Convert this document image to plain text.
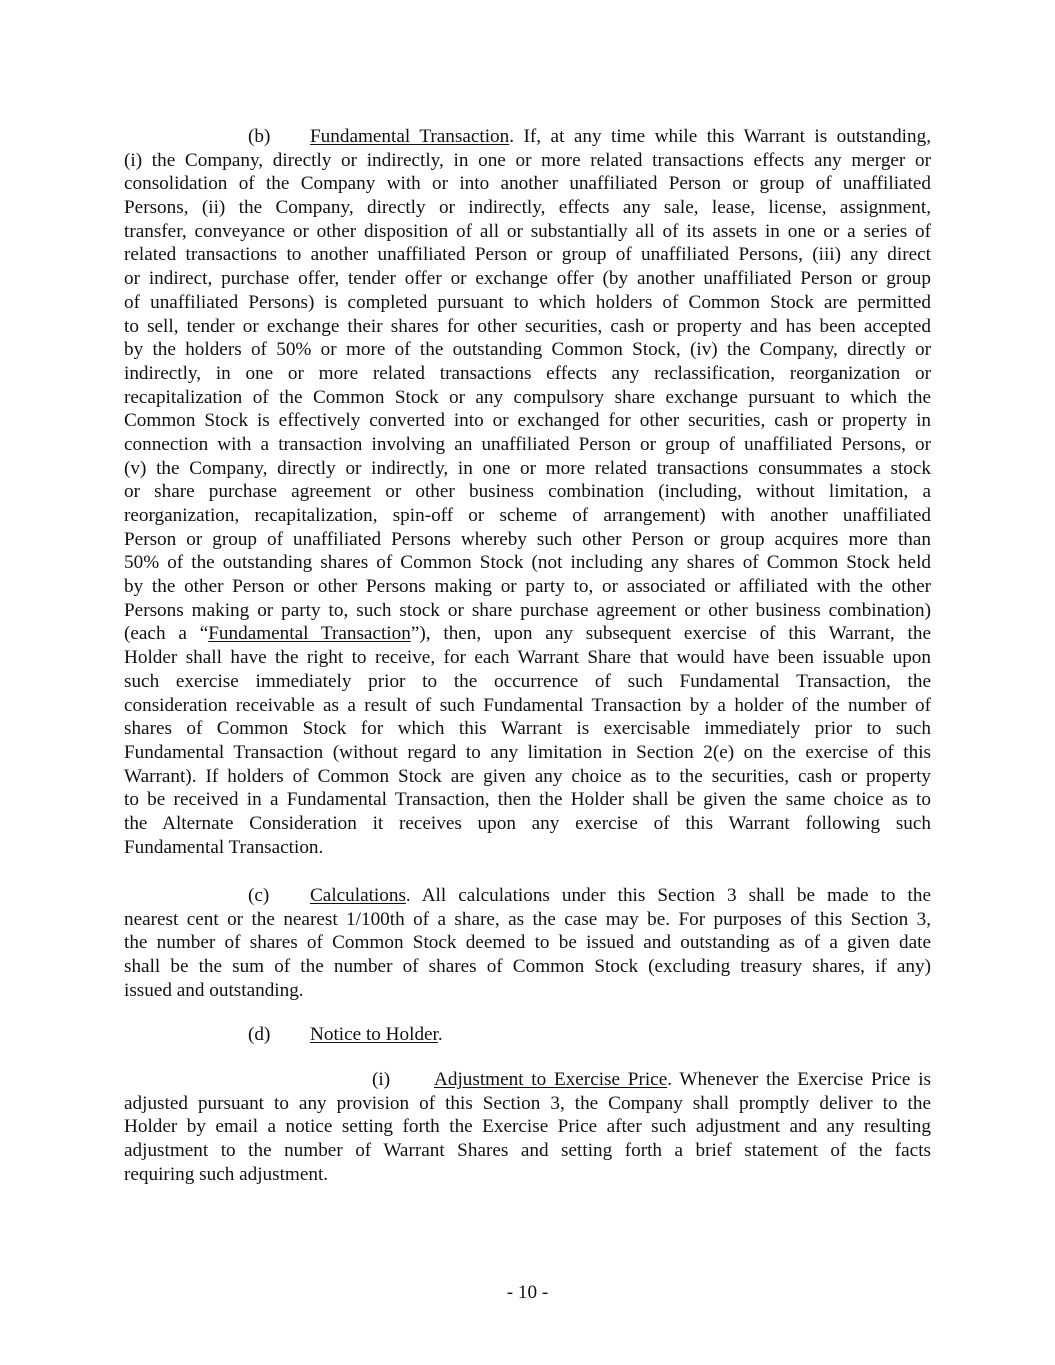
(b) Fundamental Transaction. If, at any time while this Warrant is outstanding,
(i) the Company, directly or indirectly, in one or more related transactions effects any merger or
consolidation of the Company with or into another unaffiliated Person or group of unaffiliated
Persons, (ii) the Company, directly or indirectly, effects any sale, lease, license, assignment,
transfer, conveyance or other disposition of all or substantially all of its assets in one or a series of
related transactions to another unaffiliated Person or group of unaffiliated Persons, (iii) any direct
or indirect, purchase offer, tender offer or exchange offer (by another unaffiliated Person or group
of unaffiliated Persons) is completed pursuant to which holders of Common Stock are permitted
to sell, tender or exchange their shares for other securities, cash or property and has been accepted
by the holders of 50% or more of the outstanding Common Stock, (iv) the Company, directly or
indirectly, in one or more related transactions effects any reclassification, reorganization or
recapitalization of the Common Stock or any compulsory share exchange pursuant to which the
Common Stock is effectively converted into or exchanged for other securities, cash or property in
connection with a transaction involving an unaffiliated Person or group of unaffiliated Persons, or
(v) the Company, directly or indirectly, in one or more related transactions consummates a stock
or share purchase agreement or other business combination (including, without limitation, a
reorganization, recapitalization, spin-off or scheme of arrangement) with another unaffiliated
Person or group of unaffiliated Persons whereby such other Person or group acquires more than
50% of the outstanding shares of Common Stock (not including any shares of Common Stock held
by the other Person or other Persons making or party to, or associated or affiliated with the other
Persons making or party to, such stock or share purchase agreement or other business combination)
(each a “Fundamental Transaction”), then, upon any subsequent exercise of this Warrant, the
Holder shall have the right to receive, for each Warrant Share that would have been issuable upon
such exercise immediately prior to the occurrence of such Fundamental Transaction, the
consideration receivable as a result of such Fundamental Transaction by a holder of the number of
shares of Common Stock for which this Warrant is exercisable immediately prior to such
Fundamental Transaction (without regard to any limitation in Section 2(e) on the exercise of this
Warrant). If holders of Common Stock are given any choice as to the securities, cash or property
to be received in a Fundamental Transaction, then the Holder shall be given the same choice as to
the Alternate Consideration it receives upon any exercise of this Warrant following such
Fundamental Transaction.
(c) Calculations. All calculations under this Section 3 shall be made to the
nearest cent or the nearest 1/100th of a share, as the case may be. For purposes of this Section 3,
the number of shares of Common Stock deemed to be issued and outstanding as of a given date
shall be the sum of the number of shares of Common Stock (excluding treasury shares, if any)
issued and outstanding.
(d) Notice to Holder.
(i) Adjustment to Exercise Price. Whenever the Exercise Price is
adjusted pursuant to any provision of this Section 3, the Company shall promptly deliver to the
Holder by email a notice setting forth the Exercise Price after such adjustment and any resulting
adjustment to the number of Warrant Shares and setting forth a brief statement of the facts
requiring such adjustment.
- 10 -
